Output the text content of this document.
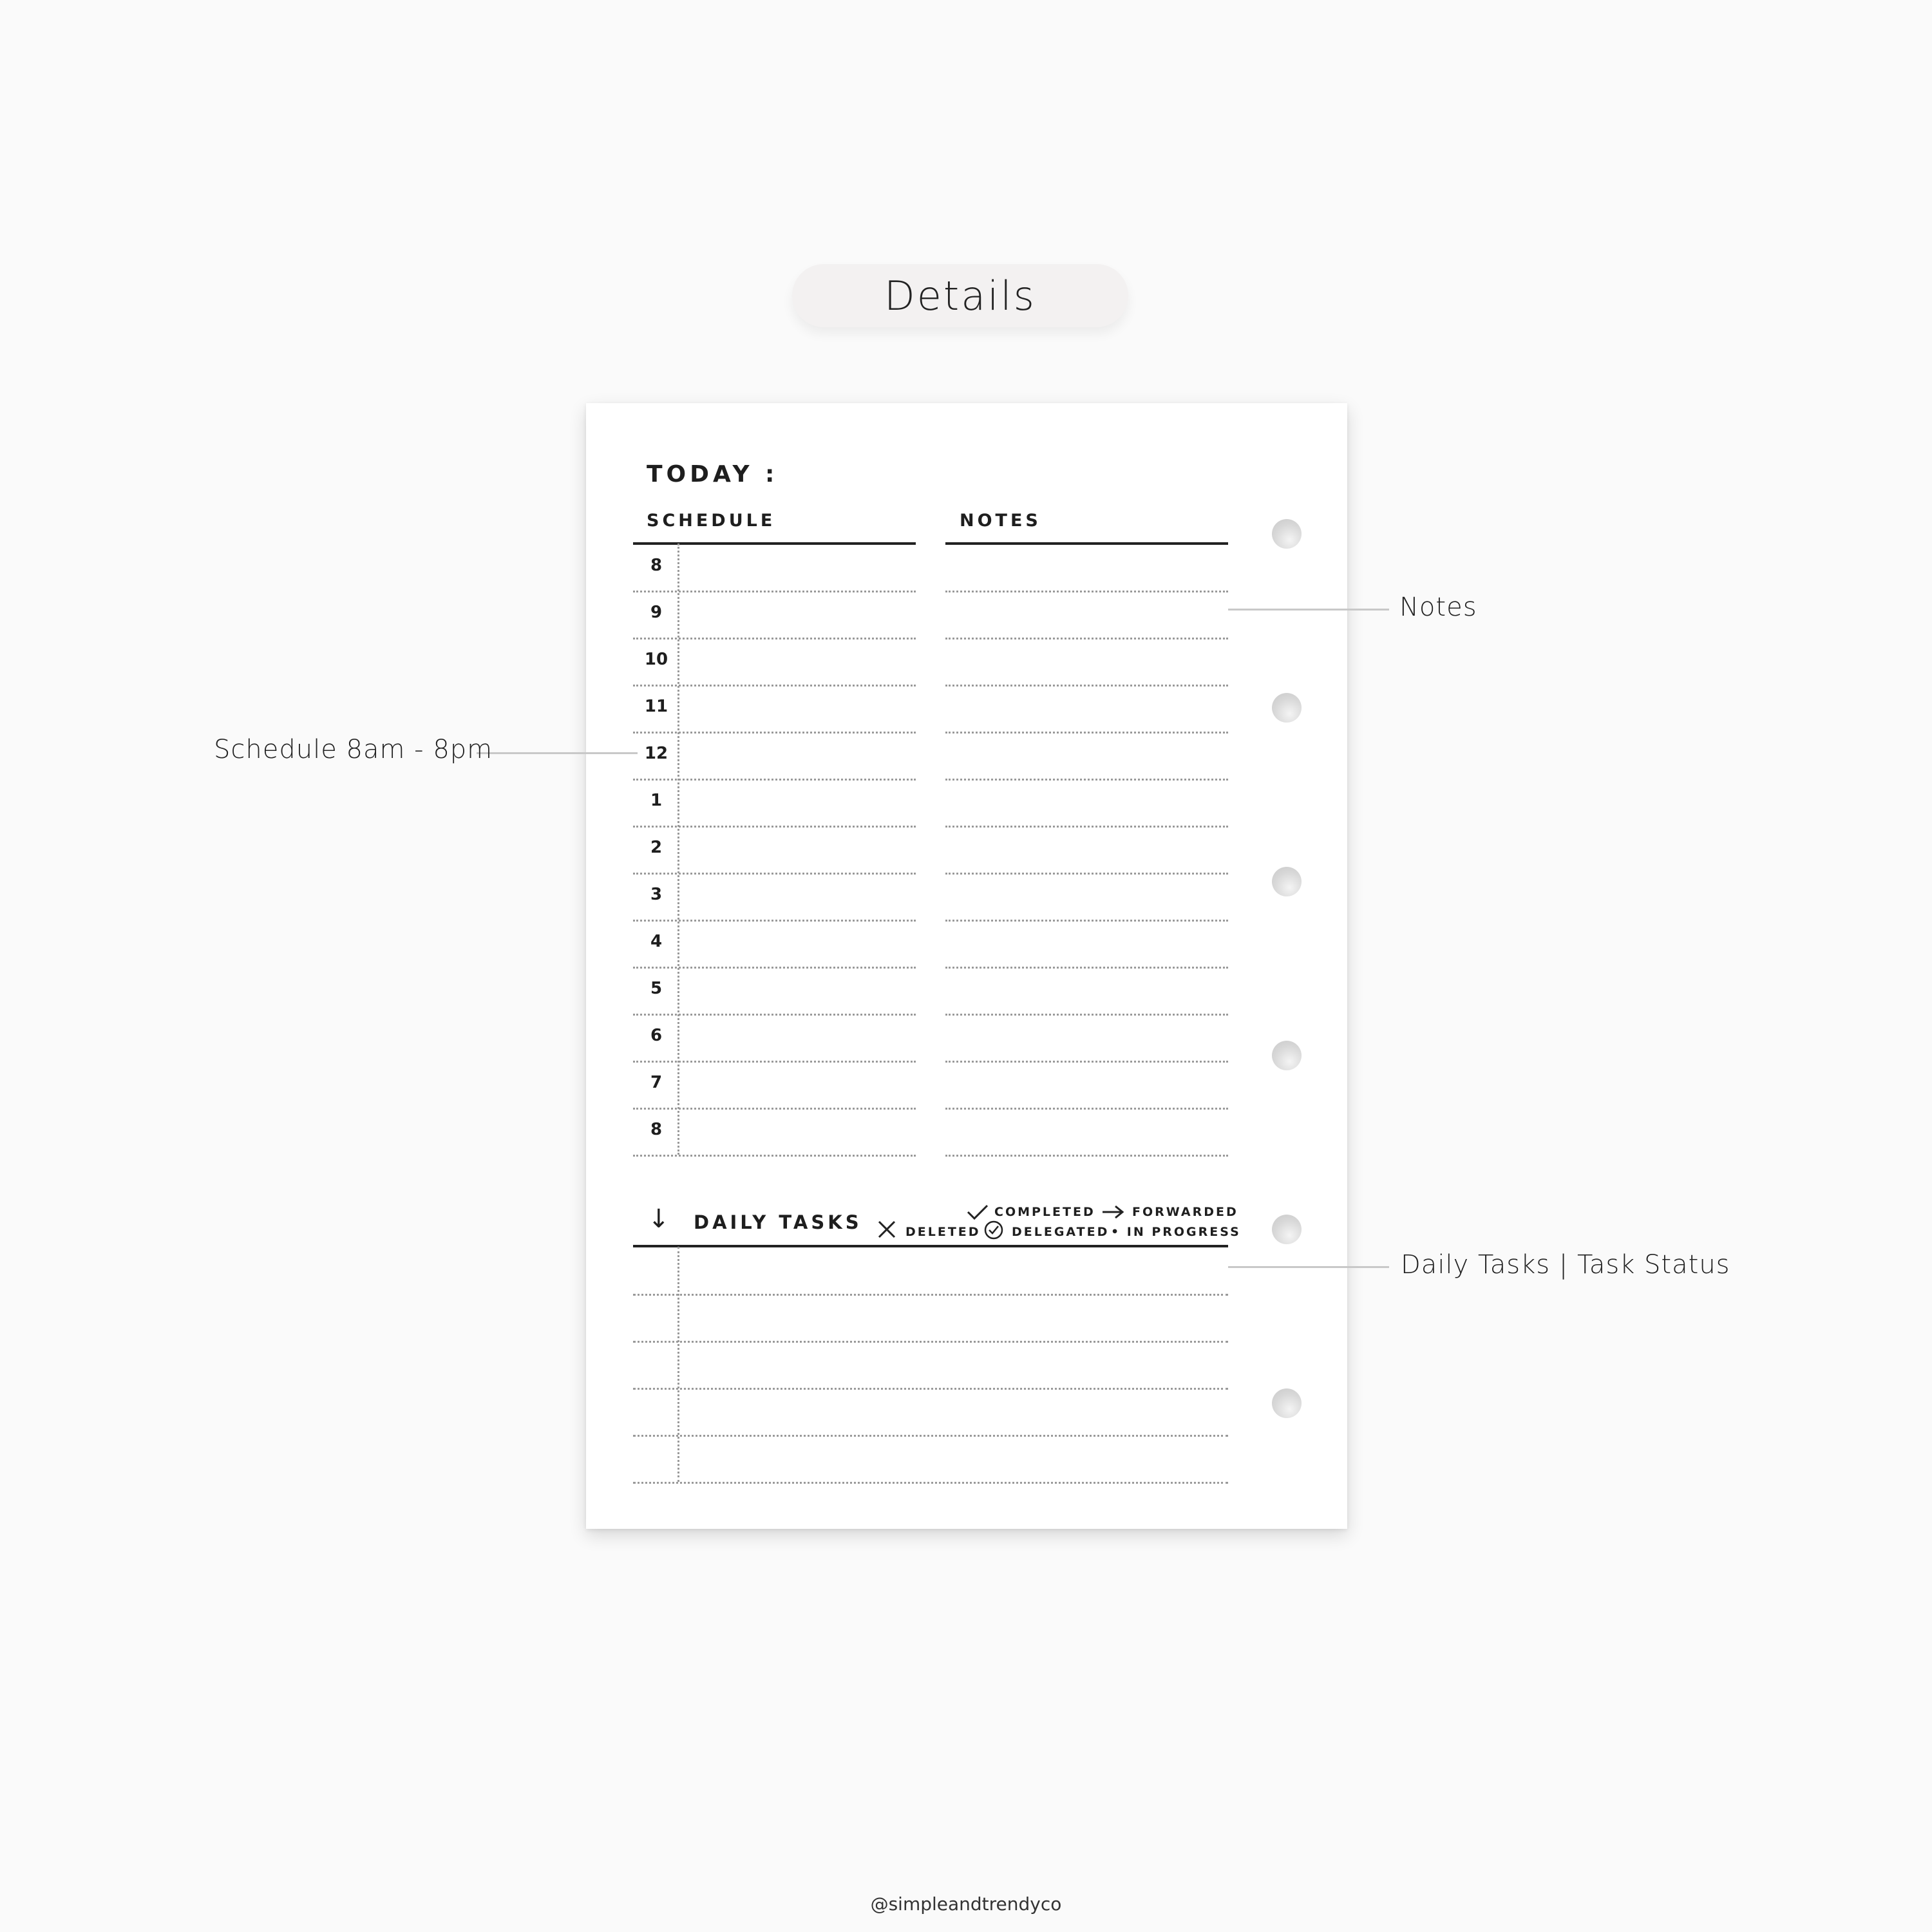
Details
TODAY :
SCHEDULE	NOTES
↓ DAILY TASKS	COMPLETED	FORWARDED
DELETED	DELEGATED • IN PROGRESS
8
9
10
11
12
1
2
3
4
5
6
7
8
Notes
Schedule 8am - 8pm
Daily Tasks | Task Status
@simpleandtrendyco
